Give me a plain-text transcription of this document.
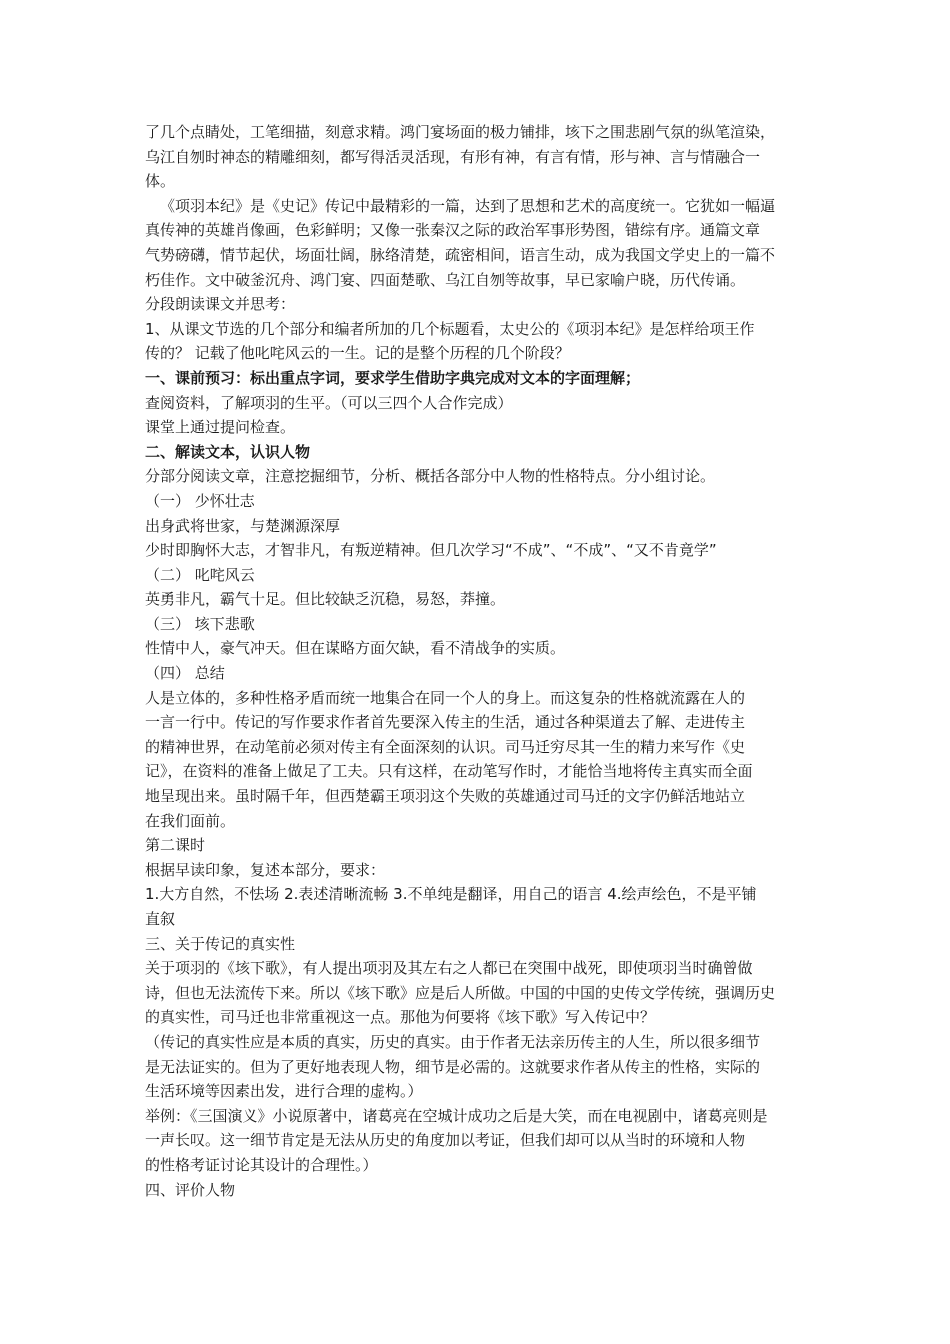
了几个点睛处，工笔细描，刻意求精。鸿门宴场面的极力铺排，垓下之围悲剧气氛的纵笔渲染，
乌江自刎时神态的精雕细刻，都写得活灵活现，有形有神，有言有情，形与神、言与情融合一
体。
《项羽本纪》是《史记》传记中最精彩的一篇，达到了思想和艺术的高度统一。它犹如一幅逼
真传神的英雄肖像画，色彩鲜明；又像一张秦汉之际的政治军事形势图，错综有序。通篇文章
气势磅礴，情节起伏，场面壮阔，脉络清楚，疏密相间，语言生动，成为我国文学史上的一篇不
朽佳作。文中破釜沉舟、鸿门宴、四面楚歌、乌江自刎等故事，早已家喻户晓，历代传诵。
分段朗读课文并思考：
1、从课文节选的几个部分和编者所加的几个标题看，太史公的《项羽本纪》是怎样给项王作
传的？ 记载了他叱咤风云的一生。记的是整个历程的几个阶段？
一、课前预习：标出重点字词，要求学生借助字典完成对文本的字面理解；
查阅资料，了解项羽的生平。（可以三四个人合作完成）
课堂上通过提问检查。
二、解读文本，认识人物
分部分阅读文章，注意挖掘细节，分析、概括各部分中人物的性格特点。分小组讨论。
（一） 少怀壮志
出身武将世家，与楚渊源深厚
少时即胸怀大志，才智非凡，有叛逆精神。但几次学习“不成”、“不成”、“又不肯竟学”
（二） 叱咤风云
英勇非凡，霸气十足。但比较缺乏沉稳，易怒，莽撞。
（三） 垓下悲歌
性情中人，豪气冲天。但在谋略方面欠缺，看不清战争的实质。
（四） 总结
人是立体的，多种性格矛盾而统一地集合在同一个人的身上。而这复杂的性格就流露在人的
一言一行中。传记的写作要求作者首先要深入传主的生活，通过各种渠道去了解、走进传主
的精神世界，在动笔前必须对传主有全面深刻的认识。司马迁穷尽其一生的精力来写作《史
记》，在资料的准备上做足了工夫。只有这样，在动笔写作时，才能恰当地将传主真实而全面
地呈现出来。虽时隔千年，但西楚霸王项羽这个失败的英雄通过司马迁的文字仍鲜活地站立
在我们面前。
第二课时
根据早读印象，复述本部分，要求：
1.大方自然，不怯场 2.表述清晰流畅 3.不单纯是翻译，用自己的语言 4.绘声绘色，不是平铺
直叙
三、关于传记的真实性
关于项羽的《垓下歌》，有人提出项羽及其左右之人都已在突围中战死，即使项羽当时确曾做
诗，但也无法流传下来。所以《垓下歌》应是后人所做。中国的中国的史传文学传统，强调历史
的真实性，司马迁也非常重视这一点。那他为何要将《垓下歌》写入传记中？
（传记的真实性应是本质的真实，历史的真实。由于作者无法亲历传主的人生，所以很多细节
是无法证实的。但为了更好地表现人物，细节是必需的。这就要求作者从传主的性格，实际的
生活环境等因素出发，进行合理的虚构。）
举例：《三国演义》小说原著中，诸葛亮在空城计成功之后是大笑，而在电视剧中，诸葛亮则是
一声长叹。这一细节肯定是无法从历史的角度加以考证，但我们却可以从当时的环境和人物
的性格考证讨论其设计的合理性。）
四、评价人物
